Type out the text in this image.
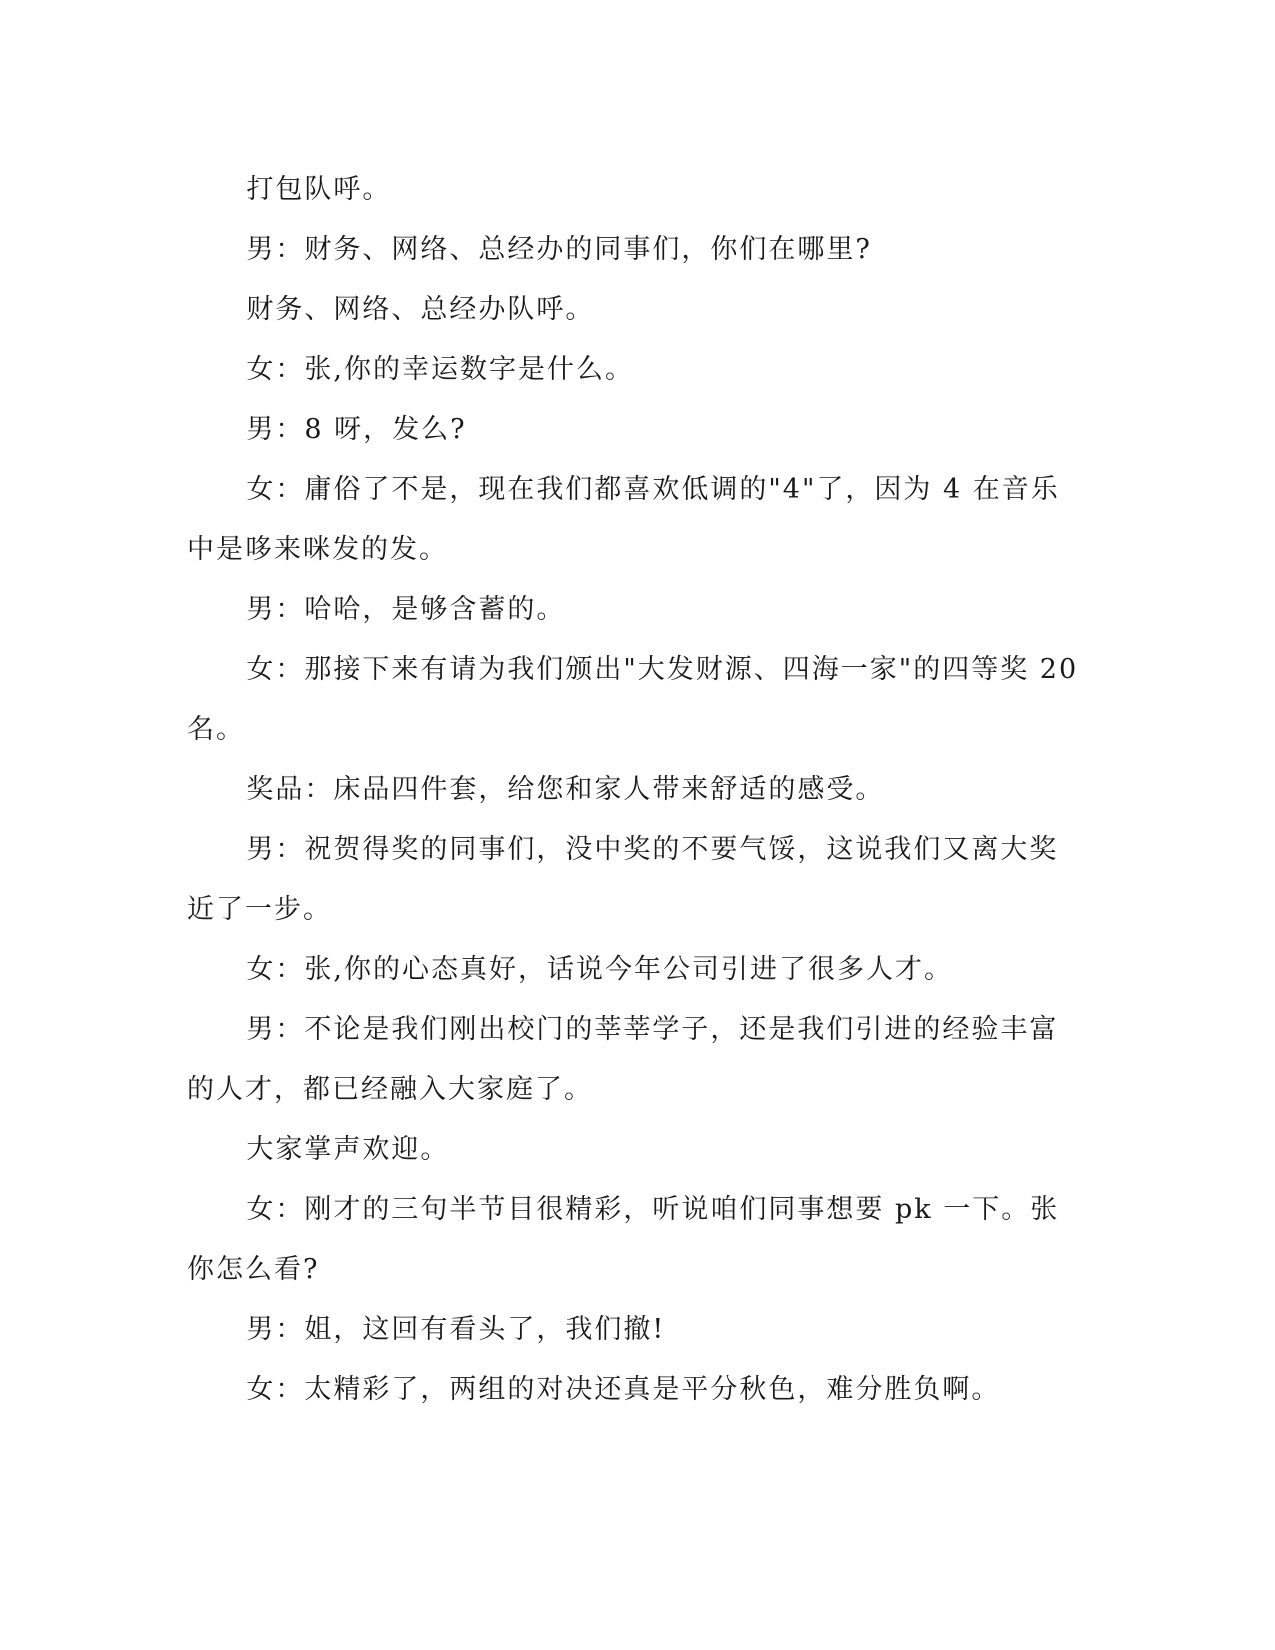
打包队呼。

男：财务、网络、总经办的同事们，你们在哪里?

财务、网络、总经办队呼。

女：张,你的幸运数字是什么。

男：8 呀，发么?

女：庸俗了不是，现在我们都喜欢低调的"4"了，因为 4 在音乐中是哆来咪发的发。

男：哈哈，是够含蓄的。

女：那接下来有请为我们颁出"大发财源、四海一家"的四等奖 20 名。

奖品：床品四件套，给您和家人带来舒适的感受。

男：祝贺得奖的同事们，没中奖的不要气馁，这说我们又离大奖近了一步。

女：张,你的心态真好，话说今年公司引进了很多人才。

男：不论是我们刚出校门的莘莘学子，还是我们引进的经验丰富的人才，都已经融入大家庭了。

大家掌声欢迎。

女：刚才的三句半节目很精彩，听说咱们同事想要 pk 一下。张你怎么看?

男：姐，这回有看头了，我们撤!

女：太精彩了，两组的对决还真是平分秋色，难分胜负啊。
